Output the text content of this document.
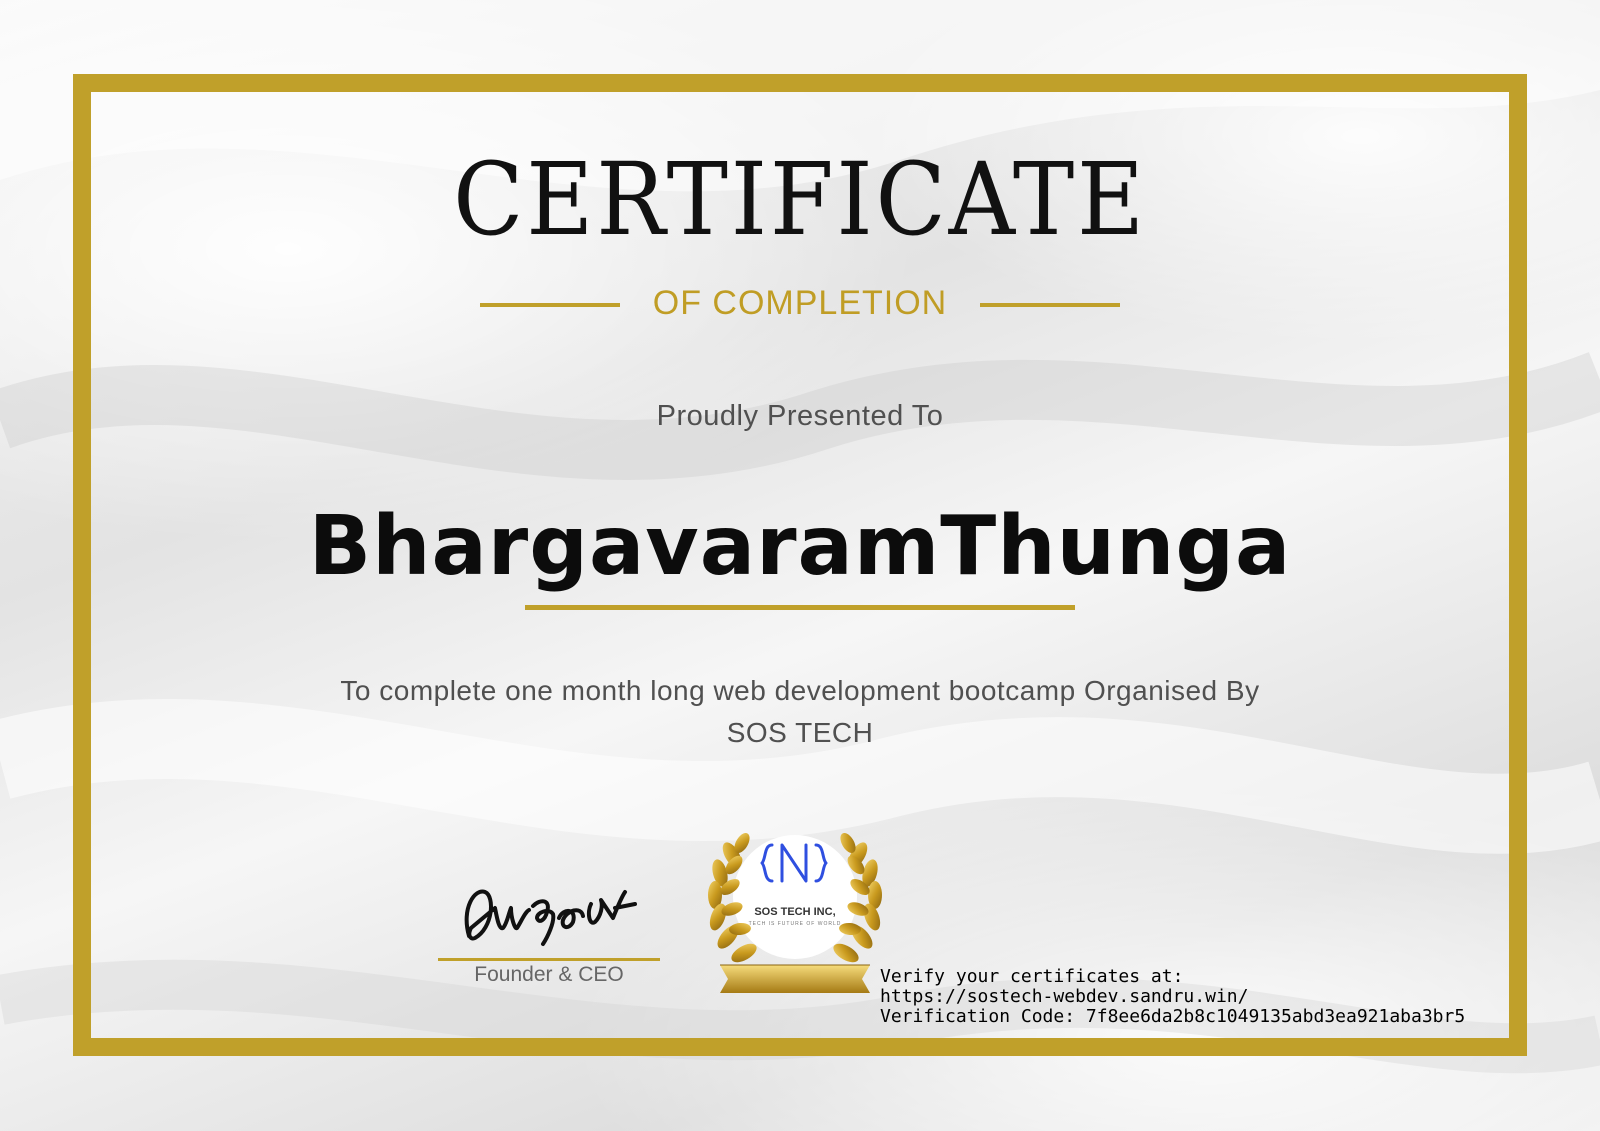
CERTIFICATE
OF COMPLETION
Proudly Presented To
BhargavaramThunga
To complete one month long web development bootcamp Organised By
SOS TECH
Founder & CEO
SOS TECH INC,
TECH IS FUTURE OF WORLD
Verify your certificates at:
https://sostech-webdev.sandru.win/
Verification Code: 7f8ee6da2b8c1049135abd3ea921aba3br5
